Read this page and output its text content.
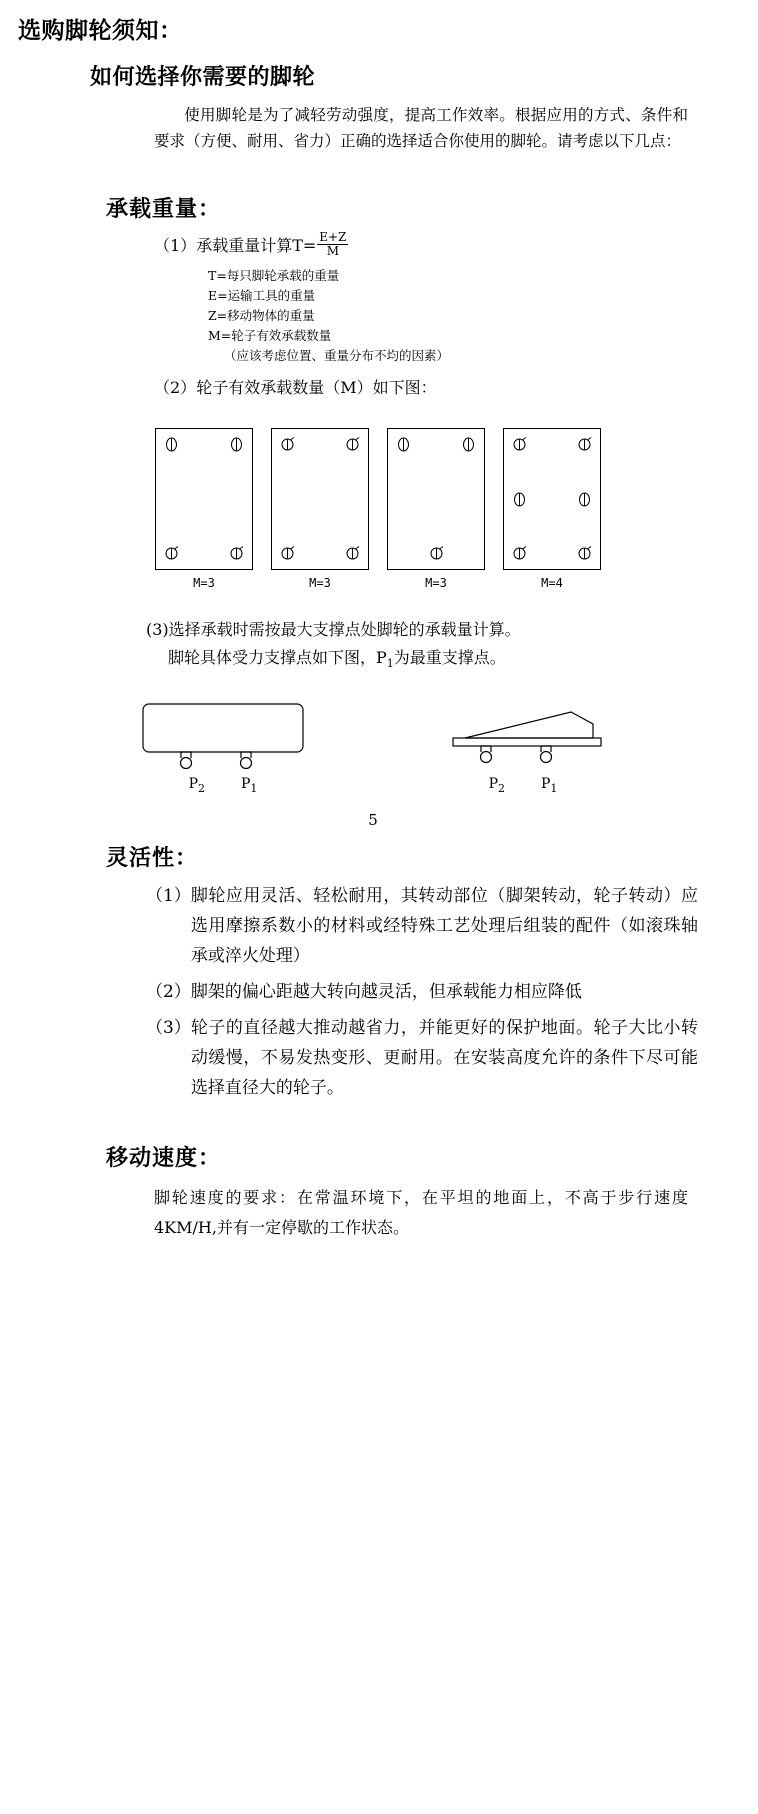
选购脚轮须知：
如何选择你需要的脚轮

使用脚轮是为了减轻劳动强度，提高工作效率。根据应用的方式、条件和要求（方便、耐用、省力）正确的选择适合你使用的脚轮。请考虑以下几点：

承载重量：
（1） 承载重量计算$T= \frac{E+Z}{M}$
T=每只脚轮承载的重量
E=运输工具的重量
Z=移动物体的重量
M=轮子有效承载数量
（应该考虑位置、重量分布不均的因素）
（2） 轮子有效承载数量（M）如下图：
M=3	M=3	M=3	M=4
(3)选择承载时需按最大支撑点处脚轮的承载量计算。
脚轮具体受力支撑点如下图，$P_1$为最重支撑点。
$P_2$	$P_1$	$P_2$	$P_1$
5
灵活性：
（1） 脚轮应用灵活、轻松耐用，其转动部位（脚架转动，轮子转动）应选用摩擦系数小的材料或经特殊工艺处理后组装的配件（如滚珠轴承或淬火处理）
（2） 脚架的偏心距越大转向越灵活，但承载能力相应降低
（3） 轮子的直径越大推动越省力，并能更好的保护地面。轮子大比小转动缓慢，不易发热变形、更耐用。在安装高度允许的条件下尽可能选择直径大的轮子。
移动速度：

脚轮速度的要求：在常温环境下，在平坦的地面上，不高于步行速度4KM/H,并有一定停歇的工作状态。
